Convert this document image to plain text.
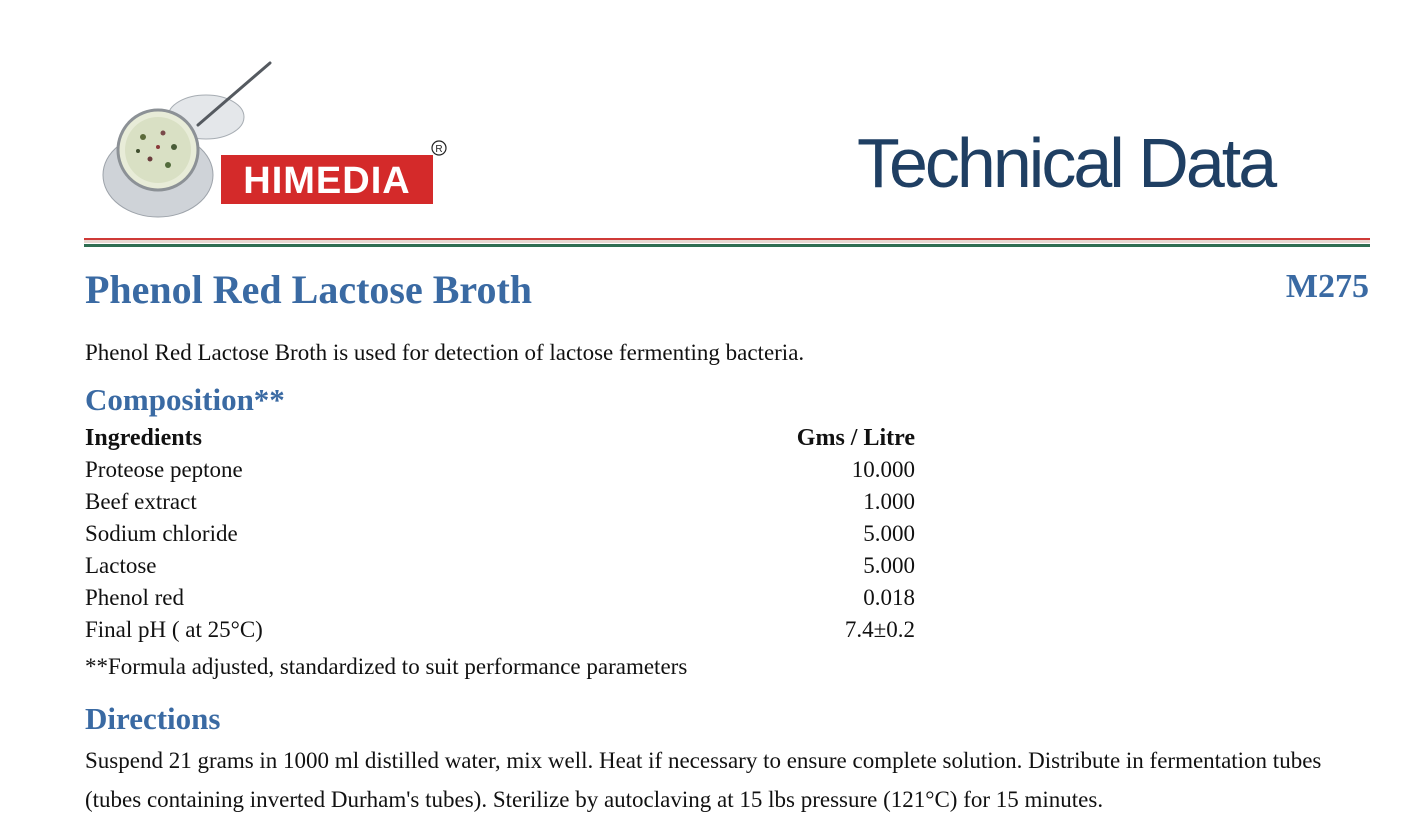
HIMEDIA
R	Technical Data
Phenol Red Lactose Broth	M275
Phenol Red Lactose Broth is used for detection of lactose fermenting bacteria.
Composition**
Ingredients	Gms / Litre
Proteose peptone	10.000
Beef extract	1.000
Sodium chloride	5.000
Lactose	5.000
Phenol red	0.018
Final pH ( at 25°C)	7.4±0.2
**Formula adjusted, standardized to suit performance parameters
Directions
Suspend 21 grams in 1000 ml distilled water, mix well. Heat if necessary to ensure complete solution. Distribute in fermentation tubes (tubes containing inverted Durham's tubes). Sterilize by autoclaving at 15 lbs pressure (121°C) for 15 minutes.
